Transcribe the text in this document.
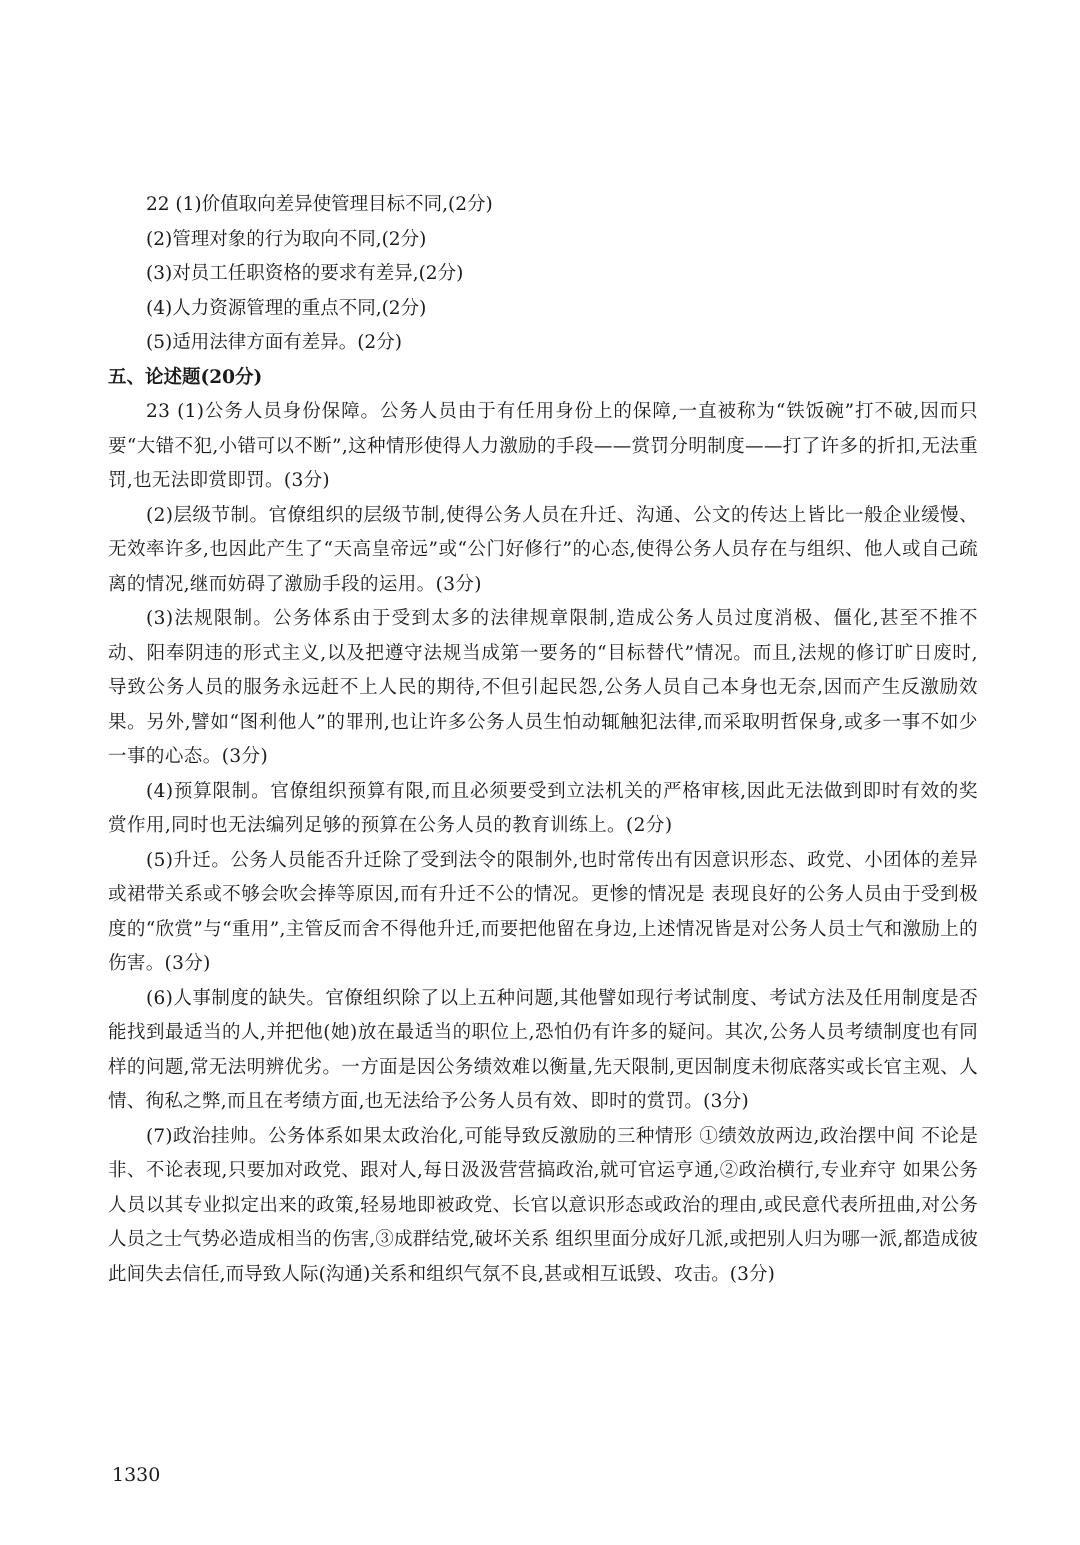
22 (1)价值取向差异使管理目标不同,(2分)

(2)管理对象的行为取向不同,(2分)

(3)对员工任职资格的要求有差异,(2分)

(4)人力资源管理的重点不同,(2分)

(5)适用法律方面有差异。(2分)

五、论述题(20分)

23 (1)公务人员身份保障。公务人员由于有任用身份上的保障,一直被称为“铁饭碗”打不破,因而只要“大错不犯,小错可以不断”,这种情形使得人力激励的手段——赏罚分明制度——打了许多的折扣,无法重罚,也无法即赏即罚。(3分)

(2)层级节制。官僚组织的层级节制,使得公务人员在升迁、沟通、公文的传达上皆比一般企业缓慢、无效率许多,也因此产生了“天高皇帝远”或“公门好修行”的心态,使得公务人员存在与组织、他人或自己疏离的情况,继而妨碍了激励手段的运用。(3分)

(3)法规限制。公务体系由于受到太多的法律规章限制,造成公务人员过度消极、僵化,甚至不推不动、阳奉阴违的形式主义,以及把遵守法规当成第一要务的“目标替代”情况。而且,法规的修订旷日废时,导致公务人员的服务永远赶不上人民的期待,不但引起民怨,公务人员自己本身也无奈,因而产生反激励效果。另外,譬如“图利他人”的罪刑,也让许多公务人员生怕动辄触犯法律,而采取明哲保身,或多一事不如少一事的心态。(3分)

(4)预算限制。官僚组织预算有限,而且必须要受到立法机关的严格审核,因此无法做到即时有效的奖赏作用,同时也无法编列足够的预算在公务人员的教育训练上。(2分)

(5)升迁。公务人员能否升迁除了受到法令的限制外,也时常传出有因意识形态、政党、小团体的差异或裙带关系或不够会吹会捧等原因,而有升迁不公的情况。更惨的情况是 表现良好的公务人员由于受到极度的“欣赏”与“重用”,主管反而舍不得他升迁,而要把他留在身边,上述情况皆是对公务人员士气和激励上的伤害。(3分)

(6)人事制度的缺失。官僚组织除了以上五种问题,其他譬如现行考试制度、考试方法及任用制度是否能找到最适当的人,并把他(她)放在最适当的职位上,恐怕仍有许多的疑问。其次,公务人员考绩制度也有同样的问题,常无法明辨优劣。一方面是因公务绩效难以衡量,先天限制,更因制度未彻底落实或长官主观、人情、徇私之弊,而且在考绩方面,也无法给予公务人员有效、即时的赏罚。(3分)

(7)政治挂帅。公务体系如果太政治化,可能导致反激励的三种情形 ①绩效放两边,政治摆中间 不论是非、不论表现,只要加对政党、跟对人,每日汲汲营营搞政治,就可官运亨通,②政治横行,专业弃守 如果公务人员以其专业拟定出来的政策,轻易地即被政党、长官以意识形态或政治的理由,或民意代表所扭曲,对公务人员之士气势必造成相当的伤害,③成群结党,破坏关系 组织里面分成好几派,或把别人归为哪一派,都造成彼此间失去信任,而导致人际(沟通)关系和组织气氛不良,甚或相互诋毁、攻击。(3分)

1330
